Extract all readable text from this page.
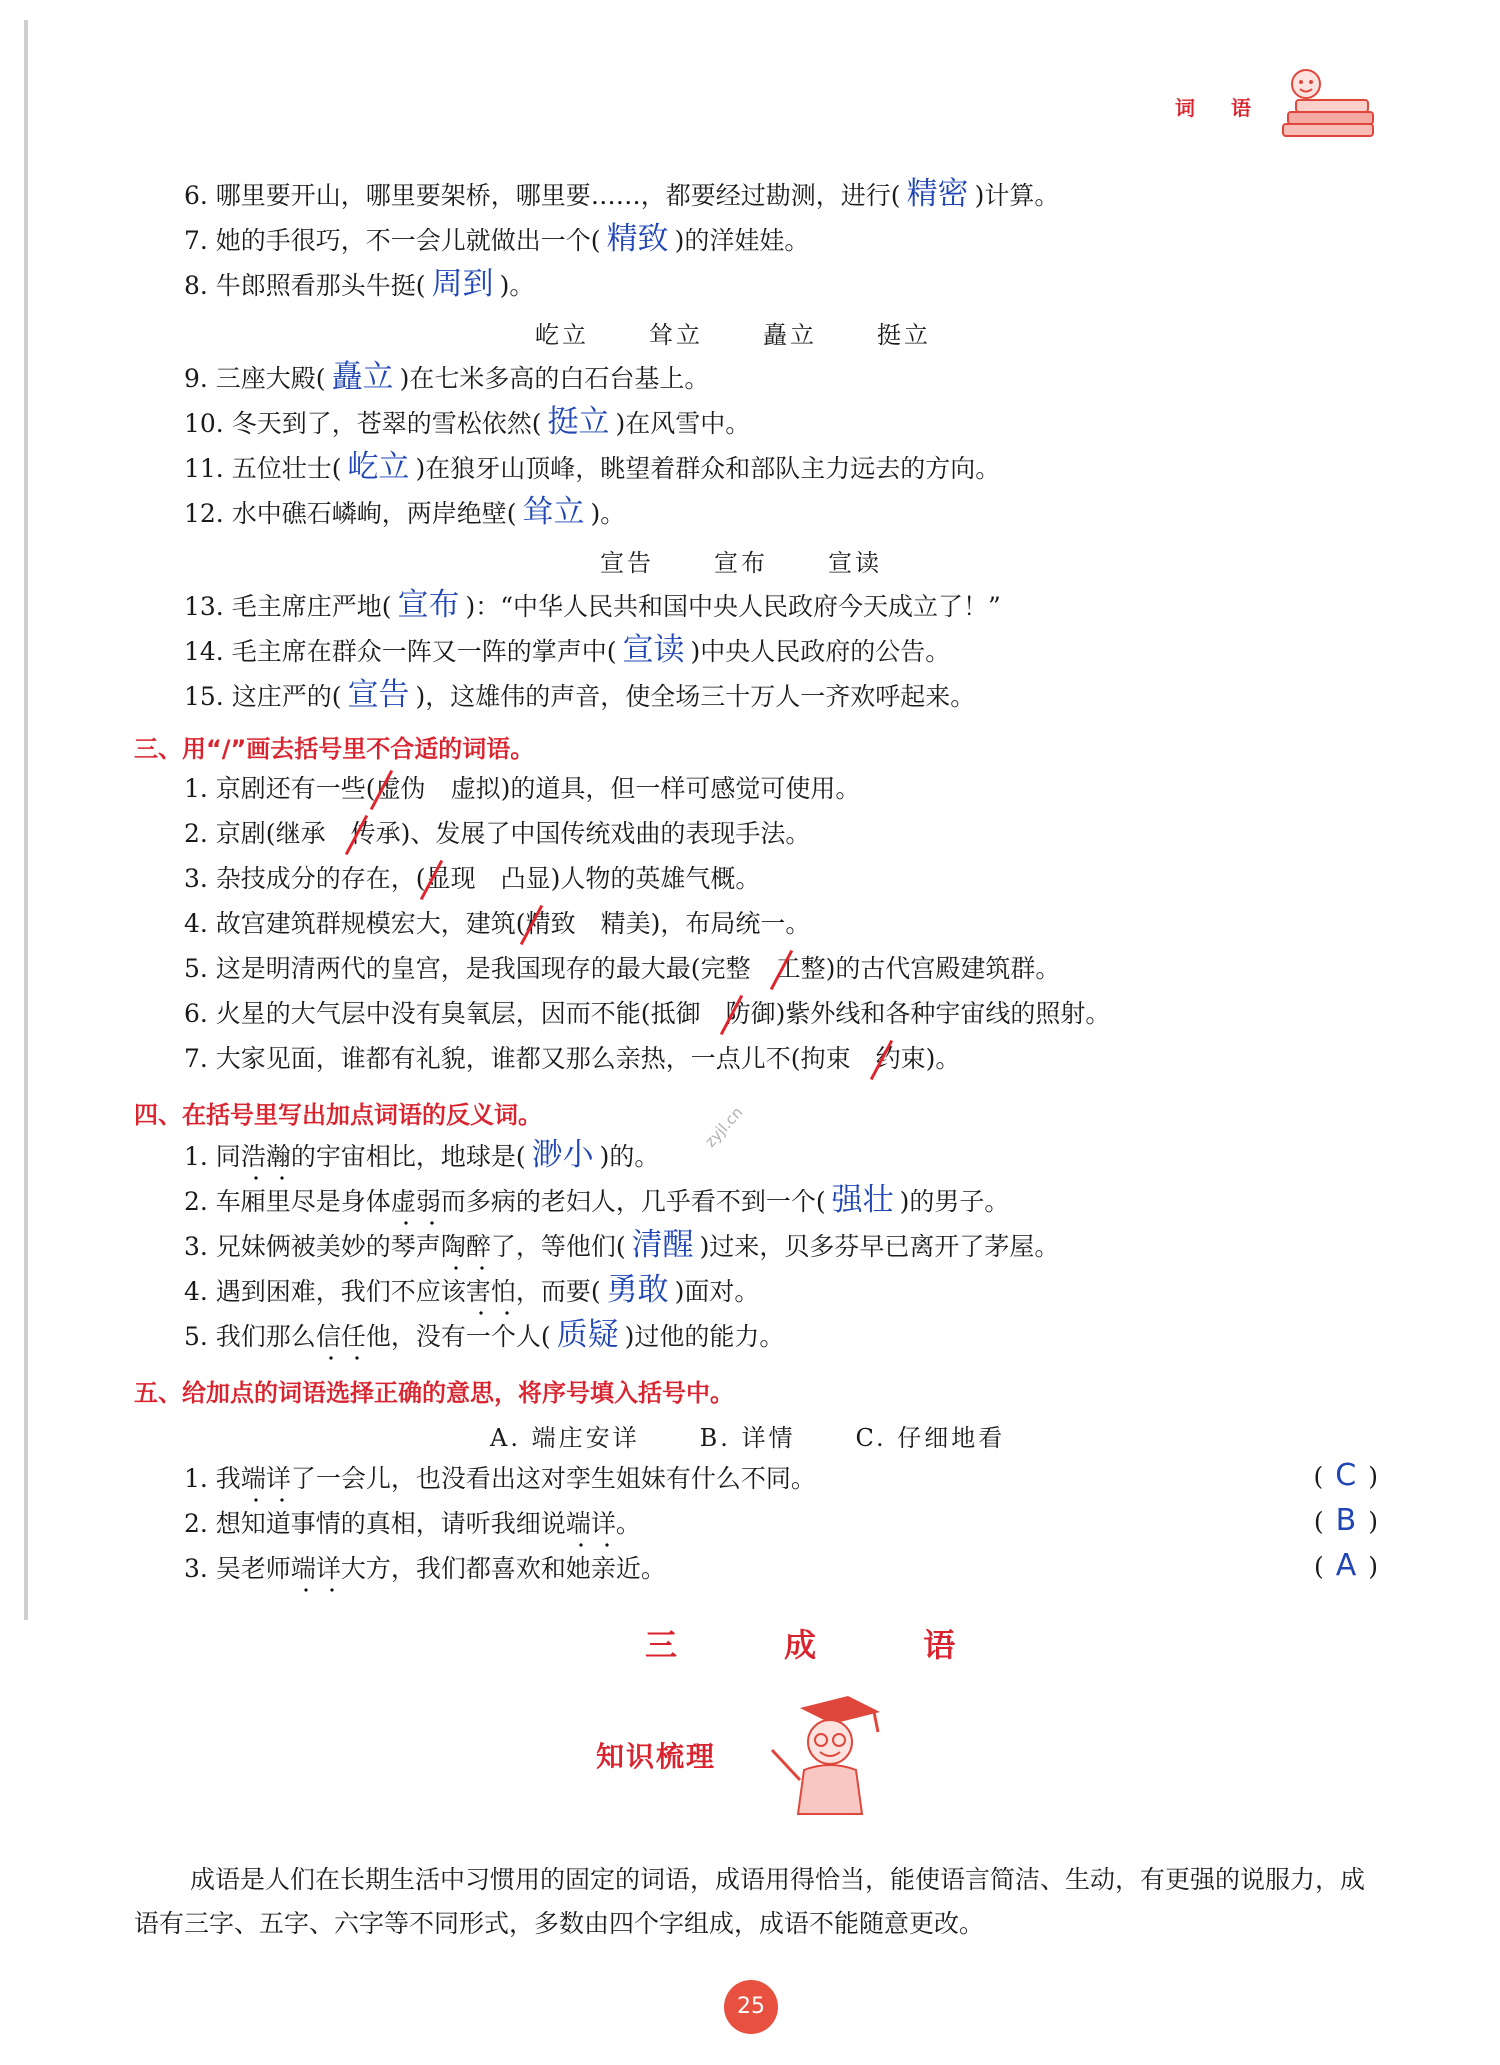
词 语
6. 哪里要开山，哪里要架桥，哪里要……，都要经过勘测，进行( 精密 )计算。
7. 她的手很巧，不一会儿就做出一个( 精致 )的洋娃娃。
8. 牛郎照看那头牛挺( 周到 )。
屹立	耸立	矗立	挺立
9. 三座大殿( 矗立 )在七米多高的白石台基上。
10. 冬天到了，苍翠的雪松依然( 挺立 )在风雪中。
11. 五位壮士( 屹立 )在狼牙山顶峰，眺望着群众和部队主力远去的方向。
12. 水中礁石嶙峋，两岸绝壁( 耸立 )。
宣告	宣布	宣读
13. 毛主席庄严地( 宣布 )：“中华人民共和国中央人民政府今天成立了！”
14. 毛主席在群众一阵又一阵的掌声中( 宣读 )中央人民政府的公告。
15. 这庄严的( 宣告 )，这雄伟的声音，使全场三十万人一齐欢呼起来。
三、用“/”画去括号里不合适的词语。
1. 京剧还有一些(
虚伪　 虚拟)的道具，但一样可感觉可使用。
2. 京剧(继承　 传承)、发展了中国传统戏曲的表现手法。
3. 杂技成分的存在，(
显现　 凸显)人物的英雄气概。
4. 故宫建筑群规模宏大，建筑(
精致　 精美)，布局统一。
5. 这是明清两代的皇宫，是我国现存的最大最(完整　 工整)的古代宫殿建筑群。
6. 火星的大气层中没有臭氧层，因而不能(抵御　 防御)紫外线和各种宇宙线的照射。
7. 大家见面，谁都有礼貌，谁都又那么亲热，一点儿不(拘束　 约束)。
四、在括号里写出加点词语的反义词。	zyjl.cn
1. 同浩瀚的宇宙相比，地球是( 渺小 )的。
2. 车厢里尽是身体虚弱而多病的老妇人，几乎看不到一个( 强壮 )的男子。
3. 兄妹俩被美妙的琴声陶醉了，等他们( 清醒 )过来，贝多芬早已离开了茅屋。
4. 遇到困难，我们不应该害怕，而要( 勇敢 )面对。
5. 我们那么信任他，没有一个人( 质疑 )过他的能力。
五、给加点的词语选择正确的意思，将序号填入括号中。
A. 端庄安详	B. 详情	C. 仔细地看
1. 我端详了一会儿，也没看出这对孪生姐妹有什么不同。	( C )
2. 想知道事情的真相，请听我细说端详。	( B )
3. 吴老师端详大方，我们都喜欢和她亲近。	( A )
三 成 语
知识梳理
成语是人们在长期生活中习惯用的固定的词语，成语用得恰当，能使语言简洁、生动，有更强的说服力，成语有三字、五字、六字等不同形式，多数由四个字组成，成语不能随意更改。
25
